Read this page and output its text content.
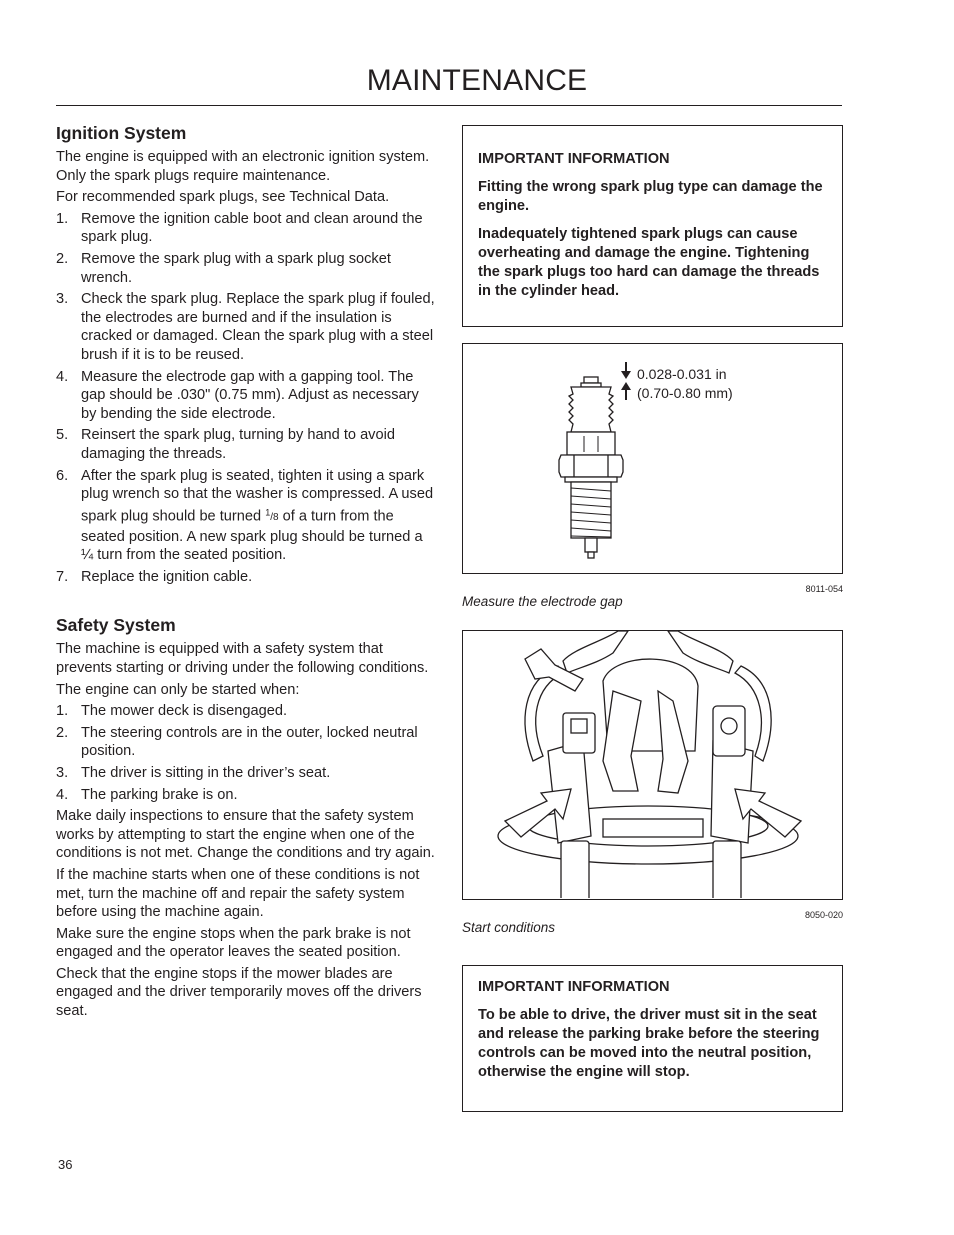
MAINTENANCE
Ignition System

The engine is equipped with an electronic ignition system. Only the spark plugs require maintenance.

For recommended spark plugs, see Technical Data.

1. Remove the ignition cable boot and clean around the spark plug.
2. Remove the spark plug with a spark plug socket wrench.
3. Check the spark plug. Replace the spark plug if fouled, the electrodes are burned and if the insulation is cracked or damaged. Clean the spark plug with a steel brush if it is to be reused.
4. Measure the electrode gap with a gapping tool. The gap should be .030" (0.75 mm). Adjust as necessary by bending the side electrode.
5. Reinsert the spark plug, turning by hand to avoid damaging the threads.
6. After the spark plug is seated, tighten it using a spark plug wrench so that the washer is compressed. A used spark plug should be turned $^1$/8 of a turn from the seated position. A new spark plug should be turned a ¼ turn from the seated position.
7. Replace the ignition cable.
Safety System

The machine is equipped with a safety system that prevents starting or driving under the following conditions.

The engine can only be started when:

1. The mower deck is disengaged.
2. The steering controls are in the outer, locked neutral position.
3. The driver is sitting in the driver’s seat.
4. The parking brake is on.

Make daily inspections to ensure that the safety system works by attempting to start the engine when one of the conditions is not met. Change the conditions and try again.

If the machine starts when one of these conditions is not met, turn the machine off and repair the safety system before using the machine again.

Make sure the engine stops when the park brake is not engaged and the operator leaves the seated position.

Check that the engine stops if the mower blades are engaged and the driver temporarily moves off the drivers seat.

IMPORTANT INFORMATION

Fitting the wrong spark plug type can damage the engine.

Inadequately tightened spark plugs can cause overheating and damage the engine. Tightening the spark plugs too hard can damage the threads in the cylinder head.

0.028-0.031 in
(0.70-0.80 mm)
8011-054
Measure the electrode gap
8050-020
Start conditions

IMPORTANT INFORMATION

To be able to drive, the driver must sit in the seat and release the parking brake before the steering controls can be moved into the neutral position, otherwise the engine will stop.

36
